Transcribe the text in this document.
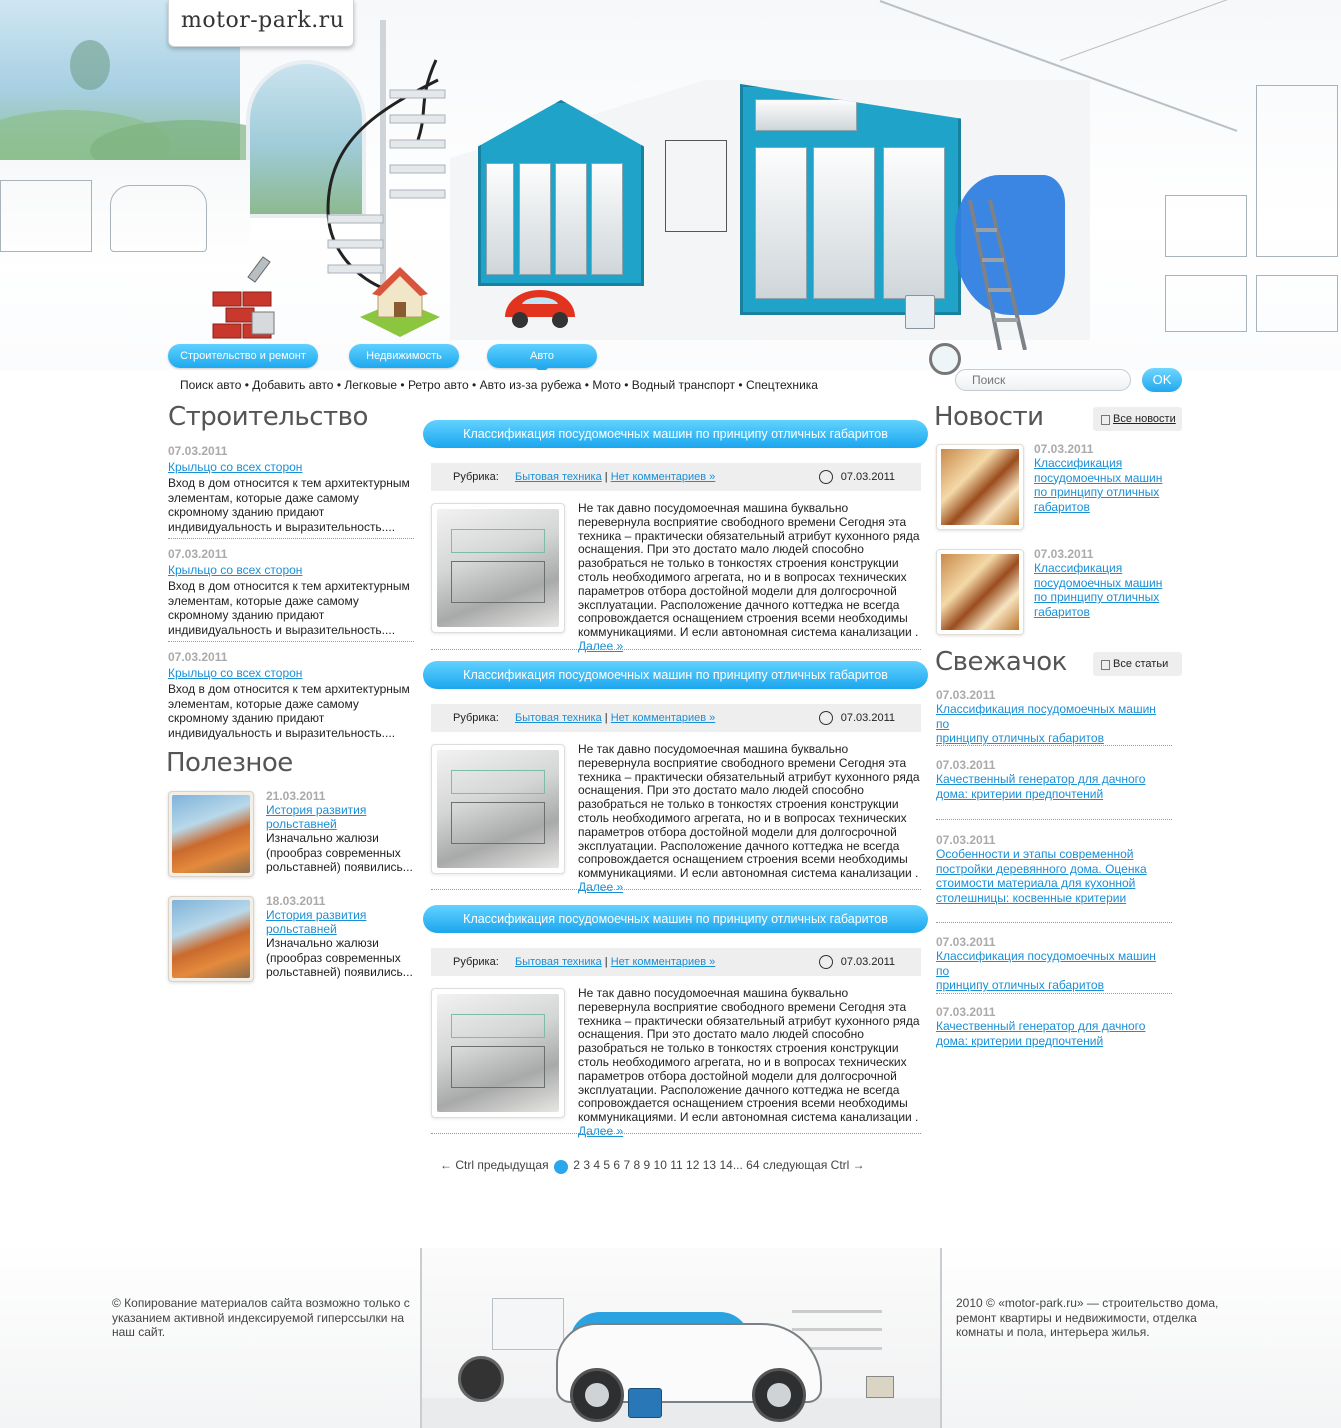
motor-park.ru
Строительство и ремонт	Недвижимость	Авто
Поиск авто • Добавить авто • Легковые • Ретро авто • Авто из-за рубежа • Мото • Водный транспорт • Спецтехника
Поиск	OK
Строительство
07.03.2011
Крыльцо со всех сторон
Вход в дом относится к тем архитектурным элементам, которые даже самому скромному зданию придают индивидуальность и выразительность....
07.03.2011
Крыльцо со всех сторон
Вход в дом относится к тем архитектурным элементам, которые даже самому скромному зданию придают индивидуальность и выразительность....
07.03.2011
Крыльцо со всех сторон
Вход в дом относится к тем архитектурным элементам, которые даже самому скромному зданию придают индивидуальность и выразительность....
Полезное
21.03.2011
История развития
рольставней
Изначально жалюзи (прообраз современных рольставней) появились...
18.03.2011
История развития
рольставней
Изначально жалюзи (прообраз современных рольставней) появились...
Классификация посудомоечных машин по принципу отличных габаритов
Рубрика: Бытовая техника | Нет комментариев »	07.03.2011
Не так давно посудомоечная машина буквально перевернула восприятие свободного времени Сегодня эта техника – практически обязательный атрибут кухонного ряда оснащения. При это достато мало людей способно разобраться не только в тонкостях строения конструкции столь необходимого агрегата, но и в вопросах технических параметров отбора достойной модели для долгосрочной эксплуатации. Расположение дачного коттеджа не всегда сопровождается оснащением строения всеми необходимы коммуникациями. И если автономная система канализации . Далее »
Классификация посудомоечных машин по принципу отличных габаритов
Рубрика: Бытовая техника | Нет комментариев »	07.03.2011
Не так давно посудомоечная машина буквально перевернула восприятие свободного времени Сегодня эта техника – практически обязательный атрибут кухонного ряда оснащения. При это достато мало людей способно разобраться не только в тонкостях строения конструкции столь необходимого агрегата, но и в вопросах технических параметров отбора достойной модели для долгосрочной эксплуатации. Расположение дачного коттеджа не всегда сопровождается оснащением строения всеми необходимы коммуникациями. И если автономная система канализации . Далее »
Классификация посудомоечных машин по принципу отличных габаритов
Рубрика: Бытовая техника | Нет комментариев »	07.03.2011
Не так давно посудомоечная машина буквально перевернула восприятие свободного времени Сегодня эта техника – практически обязательный атрибут кухонного ряда оснащения. При это достато мало людей способно разобраться не только в тонкостях строения конструкции столь необходимого агрегата, но и в вопросах технических параметров отбора достойной модели для долгосрочной эксплуатации. Расположение дачного коттеджа не всегда сопровождается оснащением строения всеми необходимы коммуникациями. И если автономная система канализации . Далее »
← Ctrl предыдущая 1 2 3 4 5 6 7 8 9 10 11 12 13 14... 64 следующая Ctrl →
Новости	Все новости
07.03.2011
Классификация
посудомоечных машин
по принципу отличных
габаритов
07.03.2011
Классификация
посудомоечных машин
по принципу отличных
габаритов
Свежачок	Все статьи
07.03.2011
Классификация посудомоечных машин по
принципу отличных габаритов
07.03.2011
Качественный генератор для дачного
дома: критерии предпочтений
07.03.2011
Особенности и этапы современной
постройки деревянного дома. Оценка
стоимости материала для кухонной
столешницы: косвенные критерии
07.03.2011
Классификация посудомоечных машин по
принципу отличных габаритов
07.03.2011
Качественный генератор для дачного
дома: критерии предпочтений
© Копирование материалов сайта возможно только с указанием активной индексируемой гиперссылки на наш сайт.
2010 © «motor-park.ru» — строительство дома, ремонт квартиры и недвижимости, отделка комнаты и пола, интерьера жилья.
